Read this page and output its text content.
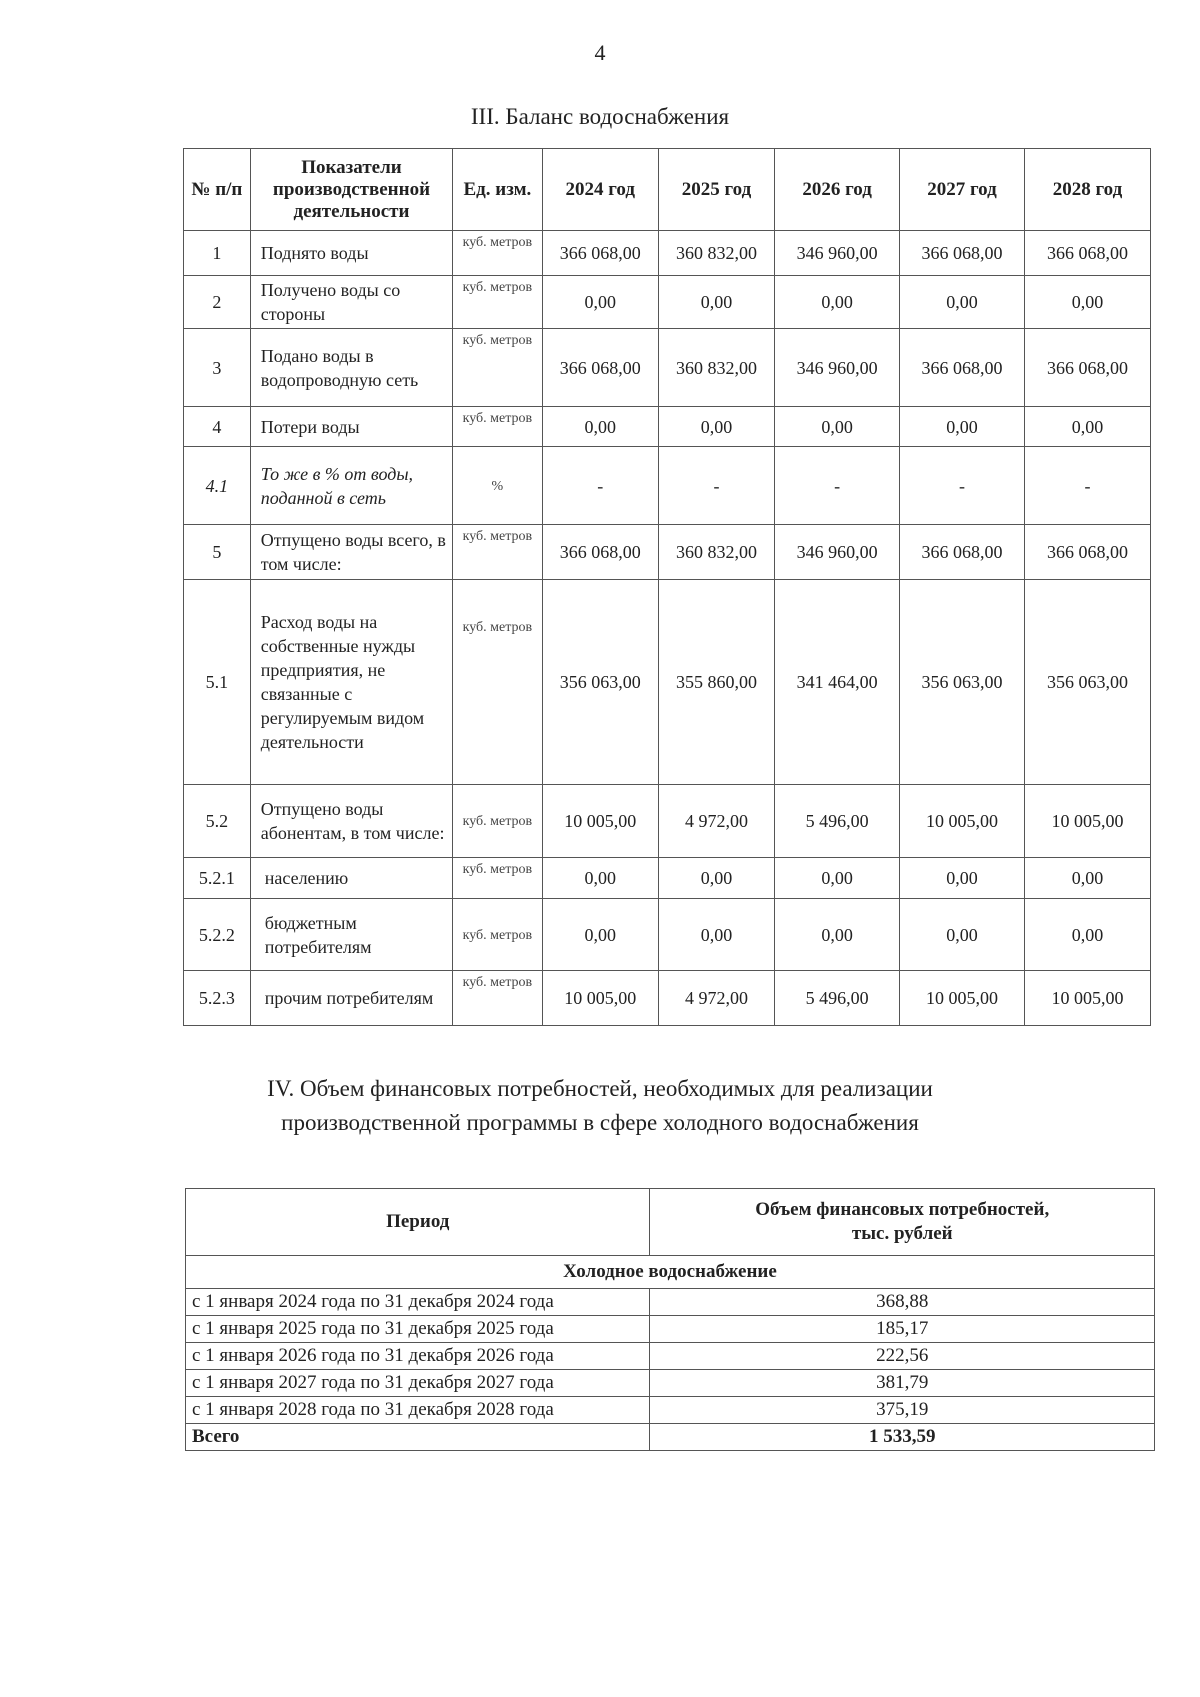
4
III. Баланс водоснабжения
№ п/п	Показатели производственной деятельности	Ед. изм.	2024 год	2025 год	2026 год	2027 год	2028 год
1	Поднято воды	куб. метров	366 068,00	360 832,00	346 960,00	366 068,00	366 068,00
2	Получено воды со стороны	куб. метров	0,00	0,00	0,00	0,00	0,00
3	Подано воды в водопроводную сеть	куб. метров	366 068,00	360 832,00	346 960,00	366 068,00	366 068,00
4	Потери воды	куб. метров	0,00	0,00	0,00	0,00	0,00
4.1	То же в % от воды, поданной в сеть	%	-	-	-	-	-
5	Отпущено воды всего, в том числе:	куб. метров	366 068,00	360 832,00	346 960,00	366 068,00	366 068,00
5.1	Расход воды на собственные нужды предприятия, не связанные с регулируемым видом деятельности	куб. метров	356 063,00	355 860,00	341 464,00	356 063,00	356 063,00
5.2	Отпущено воды абонентам, в том числе:	куб. метров	10 005,00	4 972,00	5 496,00	10 005,00	10 005,00
5.2.1	населению	куб. метров	0,00	0,00	0,00	0,00	0,00
5.2.2	бюджетным потребителям	куб. метров	0,00	0,00	0,00	0,00	0,00
5.2.3	прочим потребителям	куб. метров	10 005,00	4 972,00	5 496,00	10 005,00	10 005,00
IV. Объем финансовых потребностей, необходимых для реализации
производственной программы в сфере холодного водоснабжения
Период	Объем финансовых потребностей,
тыс. рублей

Холодное водоснабжение	
с 1 января 2024 года по 31 декабря 2024 года	368,88
с 1 января 2025 года по 31 декабря 2025 года	185,17
с 1 января 2026 года по 31 декабря 2026 года	222,56
с 1 января 2027 года по 31 декабря 2027 года	381,79
с 1 января 2028 года по 31 декабря 2028 года	375,19
Всего	1 533,59
